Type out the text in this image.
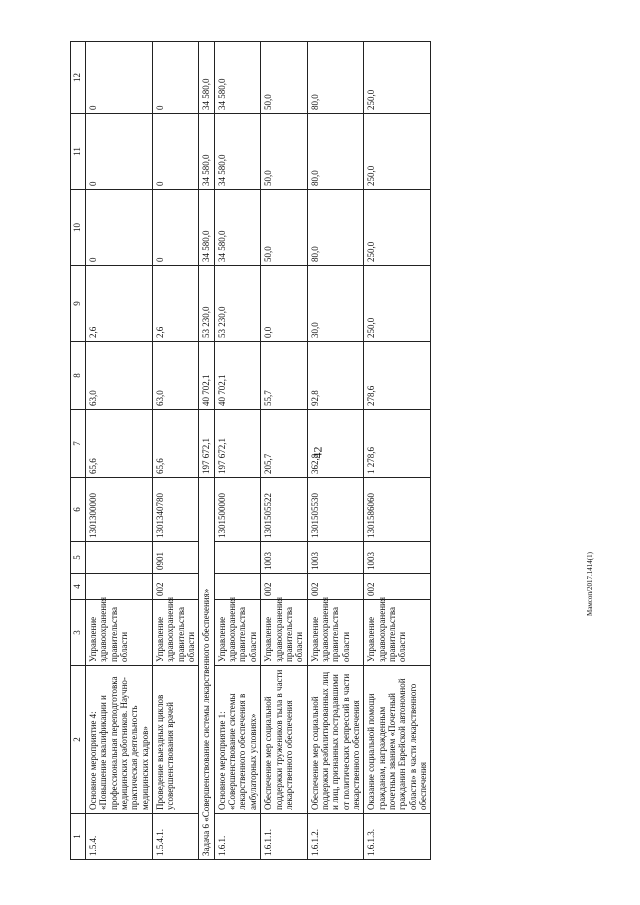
42
Мамсоп/2017.1414(1)
1	2	3	4	5	6	7	8	9	10	11	12
1.5.4.	Основное мероприятие 4: «Повышение квалификации и профессиональная переподготовка медицинских работников. Научно-практическая деятельность медицинских кадров»	Управление здравоохранения правительства области			1301300000	65,6	63,0	2,6	0	0	0
1.5.4.1.	Проведение выездных циклов усовершенствования врачей	Управление здравоохранения правительства области	002	0901	1301340780	65,6	63,0	2,6	0	0	0
Задача 6 «Совершенствование системы лекарственного обеспечения»						197 672,1	40 702,1	53 230,0	34 580,0	34 580,0	34 580,0
1.6.1.	Основное мероприятие 1: «Совершенствование системы лекарственного обеспечения в амбулаторных условиях»	Управление здравоохранения правительства области			1301500000	197 672,1	40 702,1	53 230,0	34 580,0	34 580,0	34 580,0
1.6.1.1.	Обеспечение мер социальной поддержки тружеников тыла в части лекарственного обеспечения	Управление здравоохранения правительства области	002	1003	1301505522	205,7	55,7	0,0	50,0	50,0	50,0
1.6.1.2.	Обеспечение мер социальной поддержки реабилитированных лиц и лиц, признанных пострадавшими от политических репрессий в части лекарственного обеспечения	Управление здравоохранения правительства области	002	1003	1301505530	362,8	92,8	30,0	80,0	80,0	80,0
1.6.1.3.	Оказание социальной помощи гражданам, награжденным почетным званием «Почетный гражданин Еврейской автономной области» в части лекарственного обеспечения	Управление здравоохранения правительства области	002	1003	1301586060	1 278,6	278,6	250,0	250,0	250,0	250,0
